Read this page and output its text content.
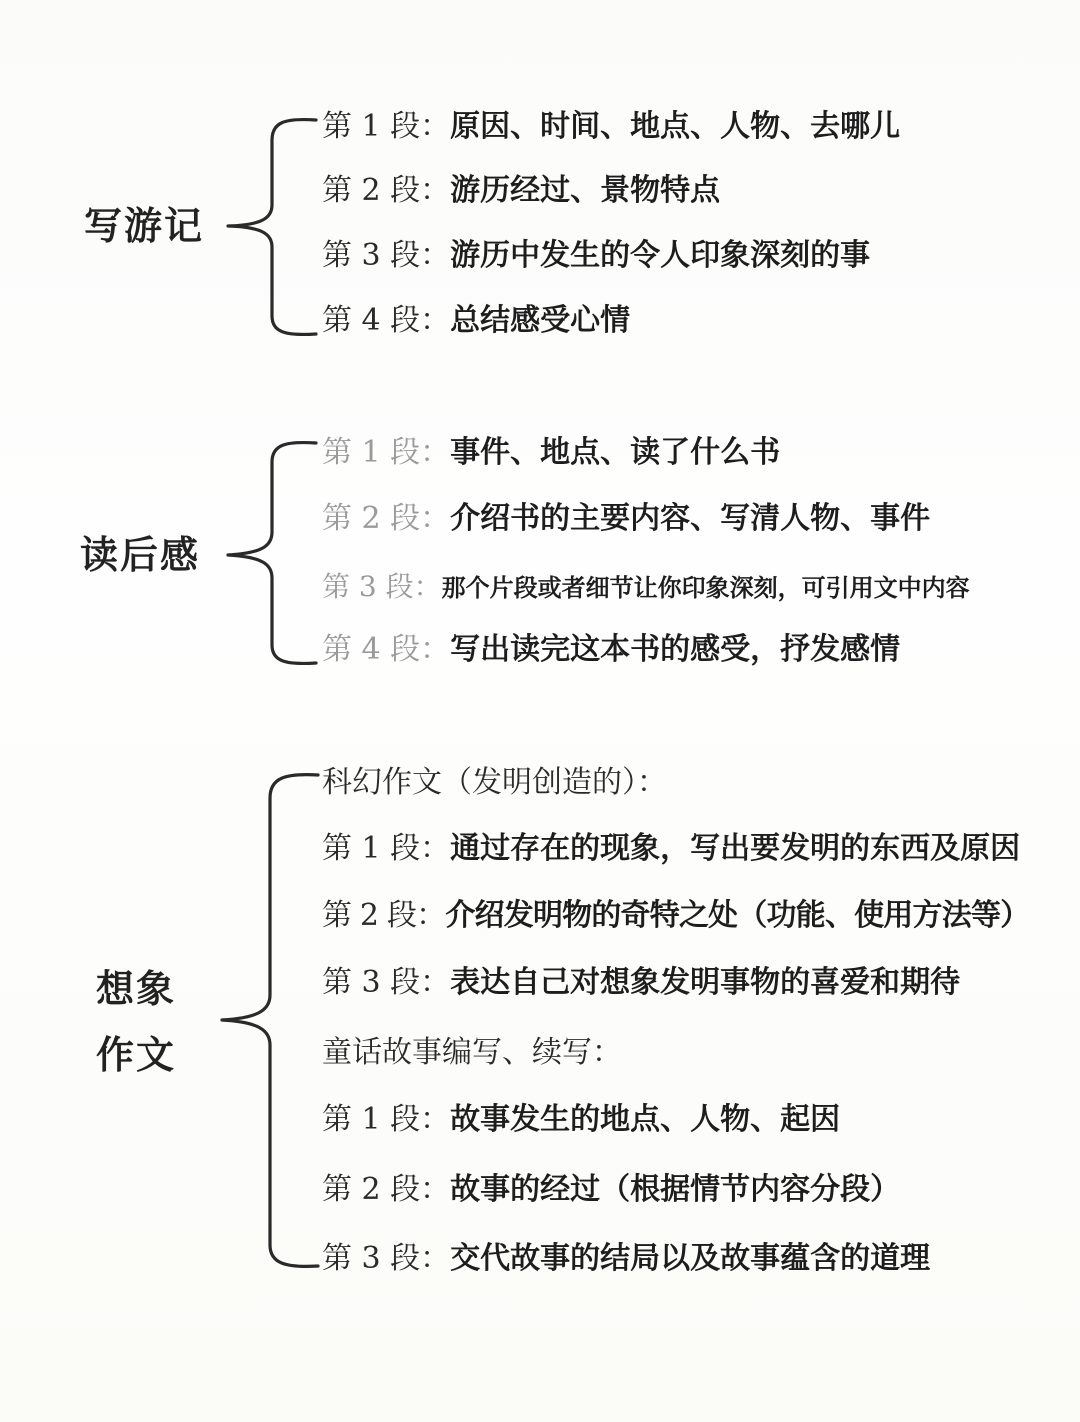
写游记
第 1 段：原因、时间、地点、人物、去哪儿
第 2 段：游历经过、景物特点
第 3 段：游历中发生的令人印象深刻的事
第 4 段：总结感受心情
读后感
第 1 段：事件、地点、读了什么书
第 2 段：介绍书的主要内容、写清人物、事件
第 3 段：那个片段或者细节让你印象深刻，可引用文中内容
第 4 段：写出读完这本书的感受，抒发感情
想象
作文
科幻作文（发明创造的）：
第 1 段：通过存在的现象，写出要发明的东西及原因
第 2 段：介绍发明物的奇特之处（功能、使用方法等）
第 3 段：表达自己对想象发明事物的喜爱和期待
童话故事编写、续写：
第 1 段：故事发生的地点、人物、起因
第 2 段：故事的经过（根据情节内容分段）
第 3 段：交代故事的结局以及故事蕴含的道理
